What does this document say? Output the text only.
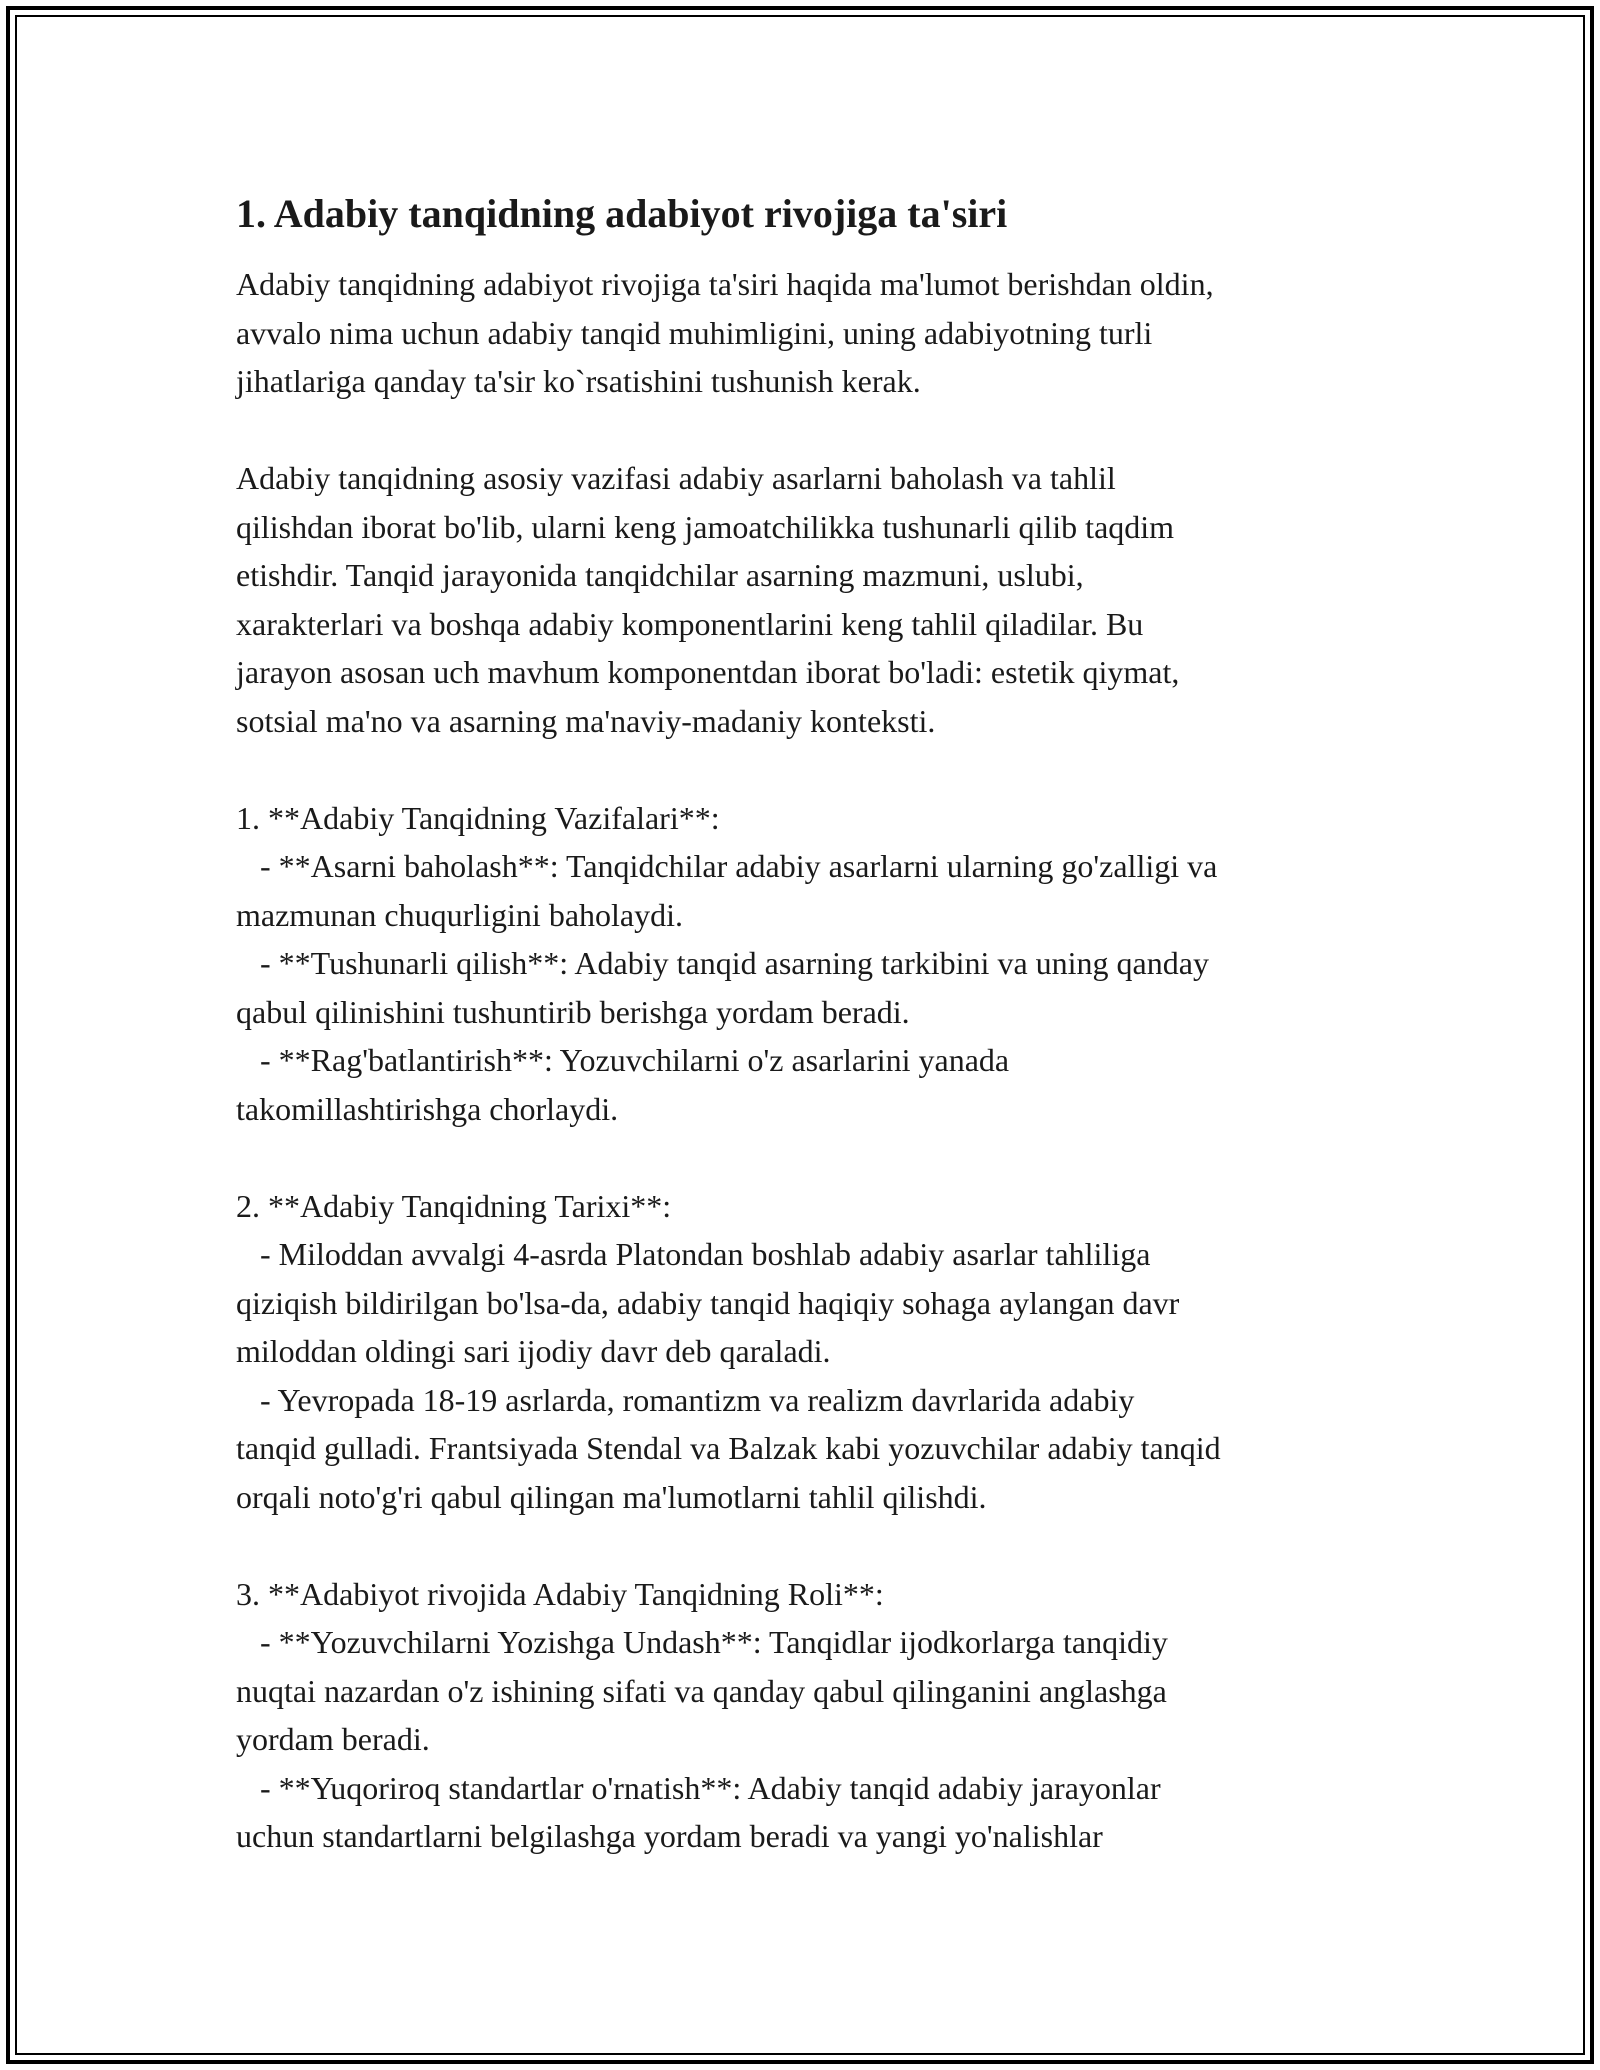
1. Adabiy tanqidning adabiyot rivojiga ta'siri
Adabiy tanqidning adabiyot rivojiga ta'siri haqida ma'lumot berishdan oldin,
avvalo nima uchun adabiy tanqid muhimligini, uning adabiyotning turli
jihatlariga qanday ta'sir ko`rsatishini tushunish kerak.
Adabiy tanqidning asosiy vazifasi adabiy asarlarni baholash va tahlil
qilishdan iborat bo'lib, ularni keng jamoatchilikka tushunarli qilib taqdim
etishdir. Tanqid jarayonida tanqidchilar asarning mazmuni, uslubi,
xarakterlari va boshqa adabiy komponentlarini keng tahlil qiladilar. Bu
jarayon asosan uch mavhum komponentdan iborat bo'ladi: estetik qiymat,
sotsial ma'no va asarning ma'naviy-madaniy konteksti.
1. **Adabiy Tanqidning Vazifalari**:
- **Asarni baholash**: Tanqidchilar adabiy asarlarni ularning go'zalligi va
mazmunan chuqurligini baholaydi.
- **Tushunarli qilish**: Adabiy tanqid asarning tarkibini va uning qanday
qabul qilinishini tushuntirib berishga yordam beradi.
- **Rag'batlantirish**: Yozuvchilarni o'z asarlarini yanada
takomillashtirishga chorlaydi.
2. **Adabiy Tanqidning Tarixi**:
- Miloddan avvalgi 4-asrda Platondan boshlab adabiy asarlar tahliliga
qiziqish bildirilgan bo'lsa-da, adabiy tanqid haqiqiy sohaga aylangan davr
miloddan oldingi sari ijodiy davr deb qaraladi.
- Yevropada 18-19 asrlarda, romantizm va realizm davrlarida adabiy
tanqid gulladi. Frantsiyada Stendal va Balzak kabi yozuvchilar adabiy tanqid
orqali noto'g'ri qabul qilingan ma'lumotlarni tahlil qilishdi.
3. **Adabiyot rivojida Adabiy Tanqidning Roli**:
- **Yozuvchilarni Yozishga Undash**: Tanqidlar ijodkorlarga tanqidiy
nuqtai nazardan o'z ishining sifati va qanday qabul qilinganini anglashga
yordam beradi.
- **Yuqoriroq standartlar o'rnatish**: Adabiy tanqid adabiy jarayonlar
uchun standartlarni belgilashga yordam beradi va yangi yo'nalishlar
